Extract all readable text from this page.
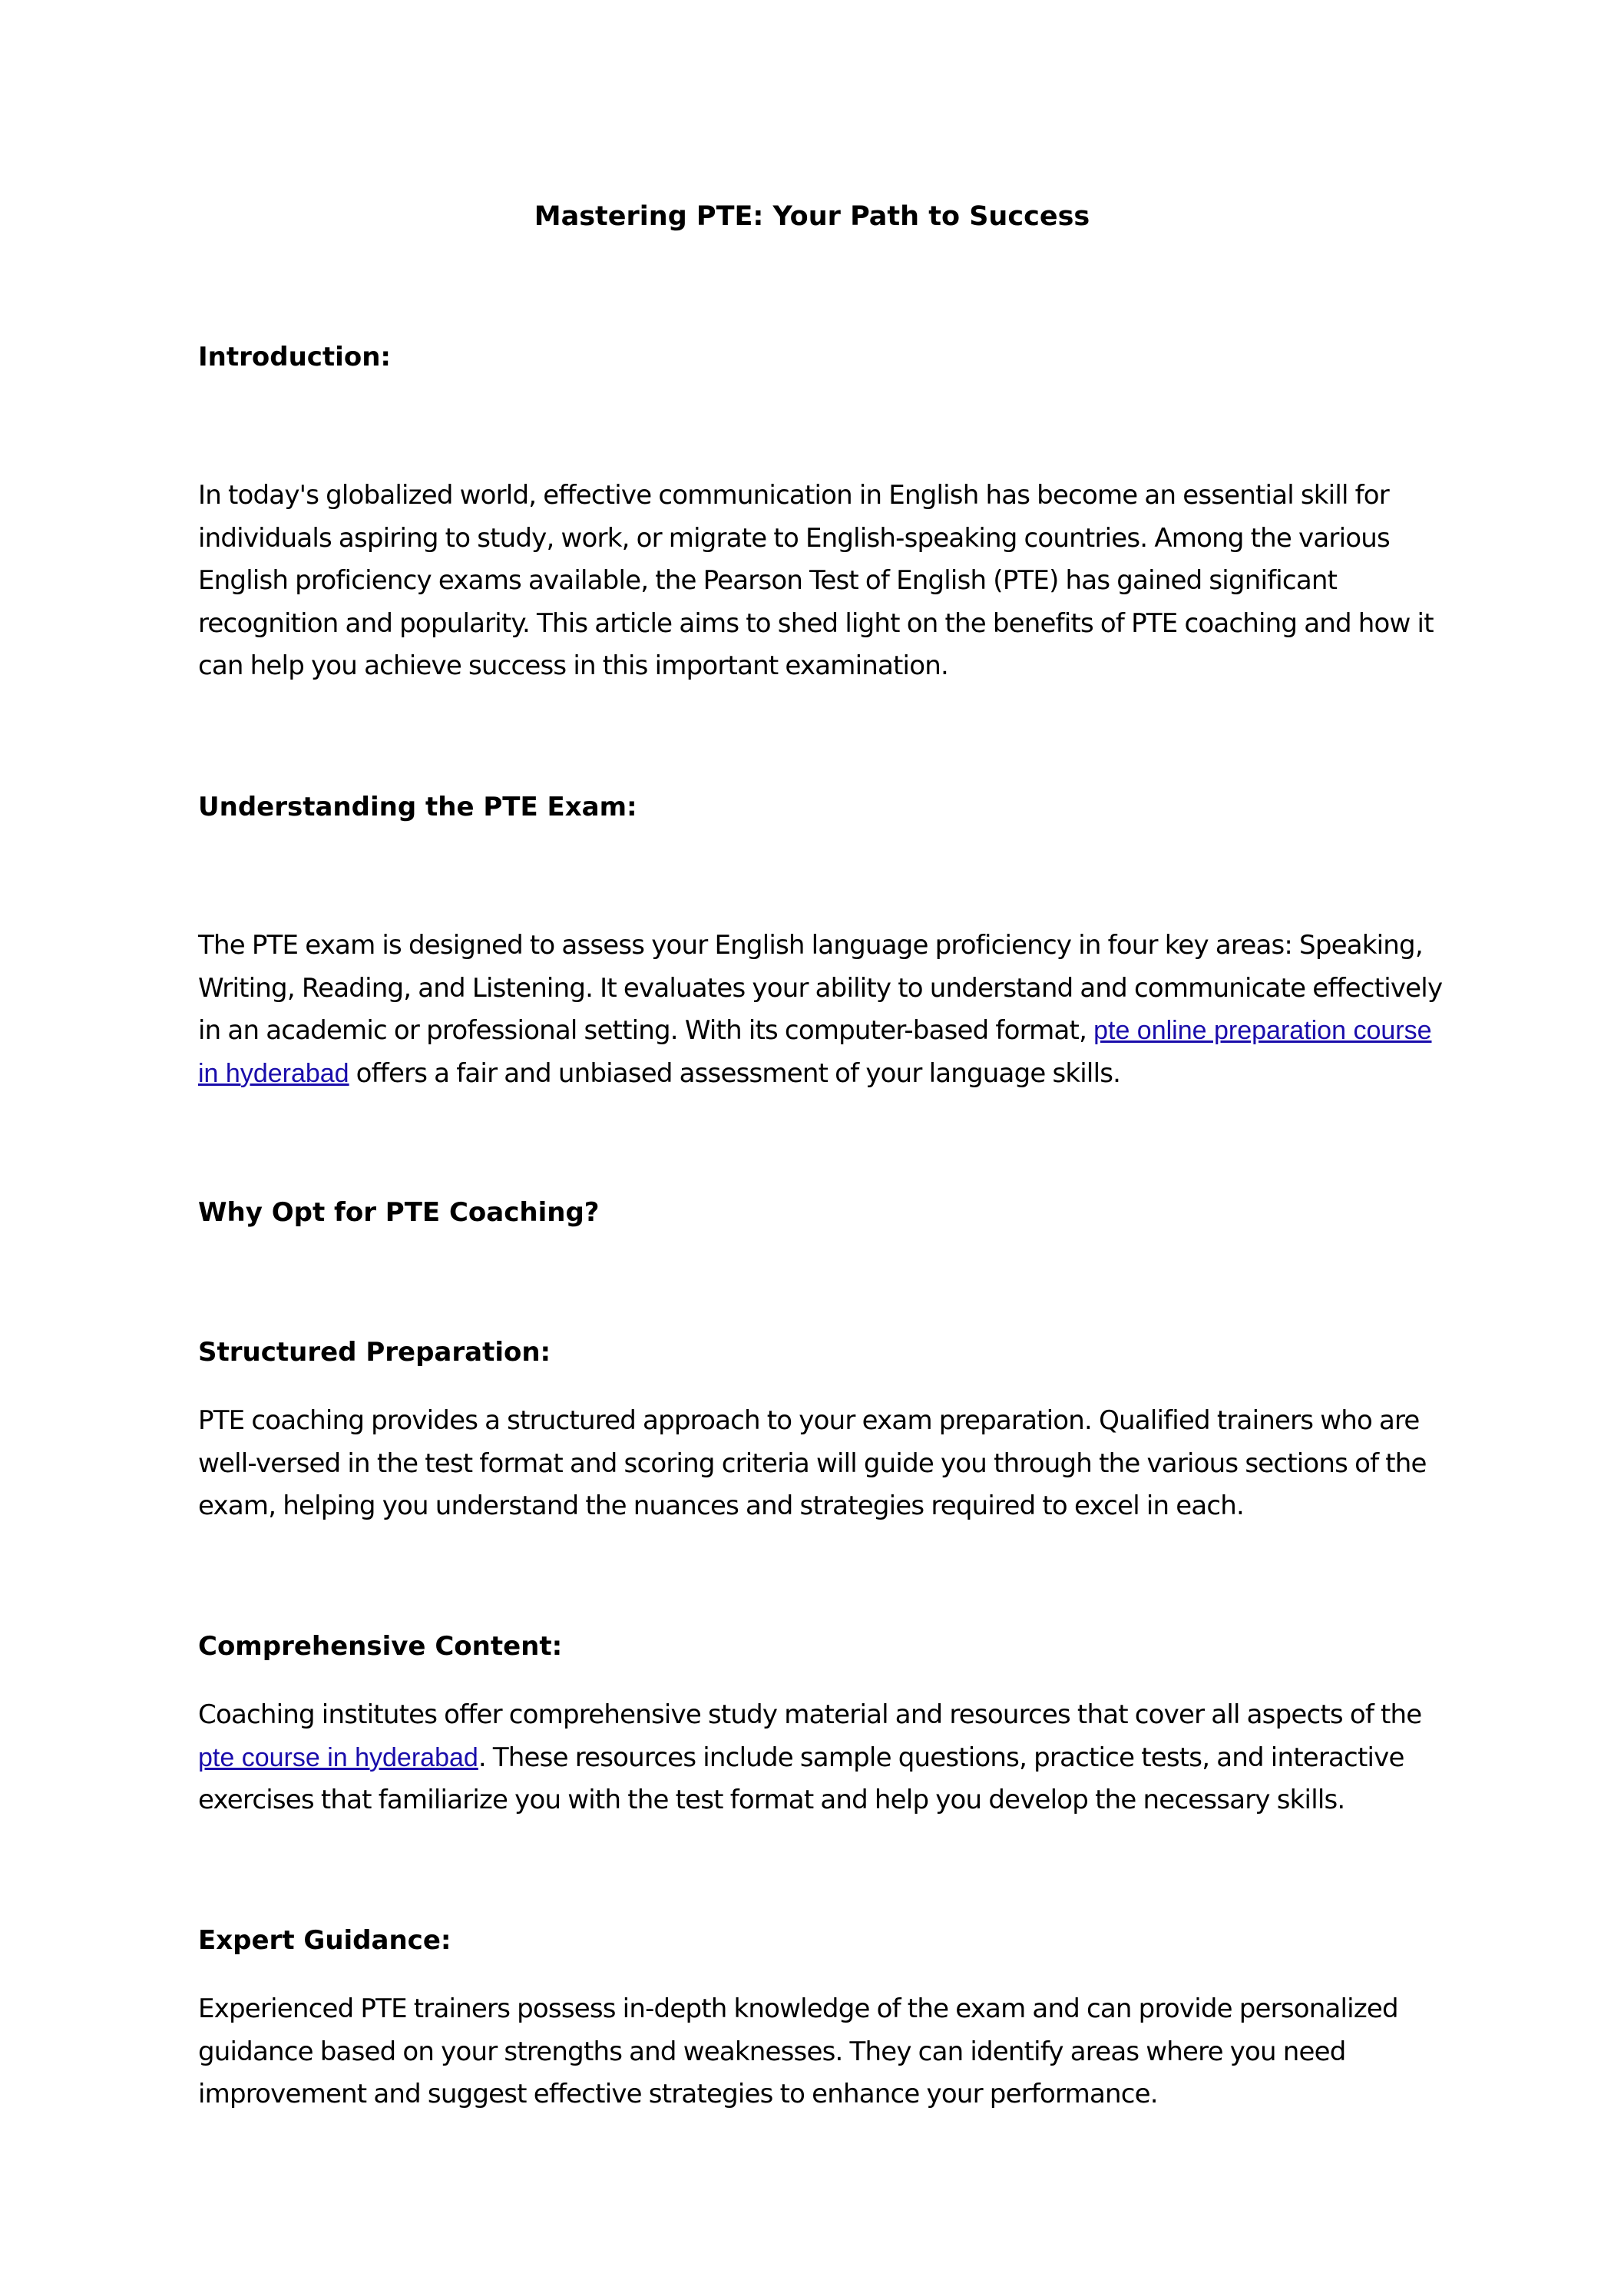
Mastering PTE: Your Path to Success
Introduction:

In today's globalized world, effective communication in English has become an essential skill for individuals aspiring to study, work, or migrate to English-speaking countries. Among the various English proficiency exams available, the Pearson Test of English (PTE) has gained significant recognition and popularity. This article aims to shed light on the benefits of PTE coaching and how it can help you achieve success in this important examination.

Understanding the PTE Exam:

The PTE exam is designed to assess your English language proficiency in four key areas: Speaking, Writing, Reading, and Listening. It evaluates your ability to understand and communicate effectively in an academic or professional setting. With its computer-based format, pte online preparation course in hyderabad offers a fair and unbiased assessment of your language skills.

Why Opt for PTE Coaching?
Structured Preparation:

PTE coaching provides a structured approach to your exam preparation. Qualified trainers who are well-versed in the test format and scoring criteria will guide you through the various sections of the exam, helping you understand the nuances and strategies required to excel in each.

Comprehensive Content:

Coaching institutes offer comprehensive study material and resources that cover all aspects of the pte course in hyderabad. These resources include sample questions, practice tests, and interactive exercises that familiarize you with the test format and help you develop the necessary skills.

Expert Guidance:

Experienced PTE trainers possess in-depth knowledge of the exam and can provide personalized guidance based on your strengths and weaknesses. They can identify areas where you need improvement and suggest effective strategies to enhance your performance.
